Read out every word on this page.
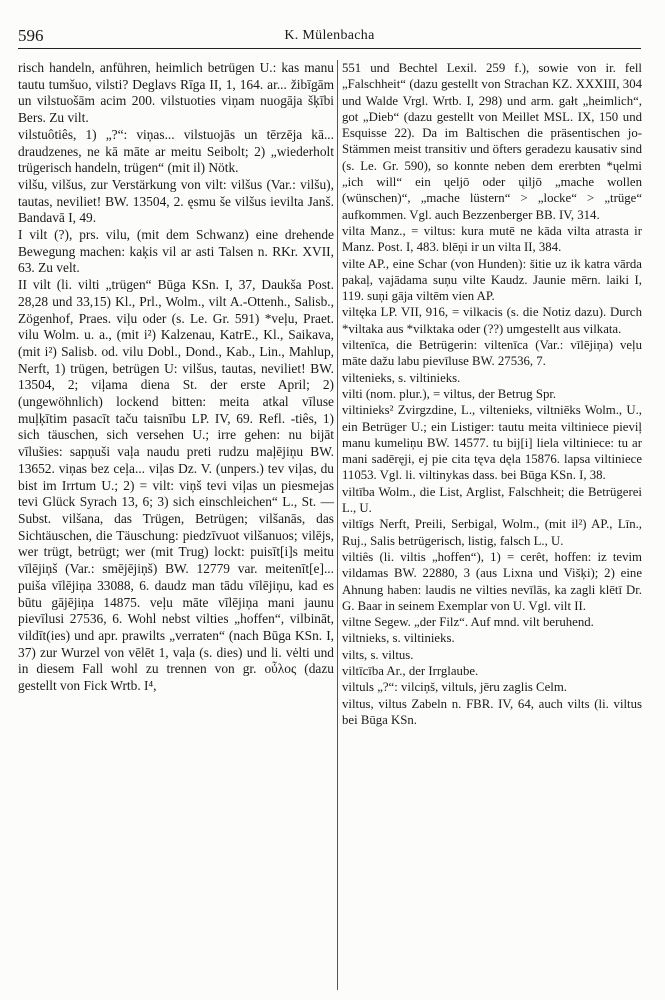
596	K. Mülenbacha

risch handeln, anführen, heimlich betrügen U.: kas manu tautu tumšuo, vilsti? Deglavs Rīga II, 1, 164. ar... žibīgām un vilstuošām acim 200. vilstuoties viņam nuogāja šķībi Bers. Zu vilt.

vilstuôtiês, 1) „?“: viņas... vilstuojās un tērzēja kā... draudzenes, ne kā māte ar meitu Seibolt; 2) „wiederholt trügerisch handeln, trügen“ (mit il) Nötk.

vilšu, vilšus, zur Verstärkung von vilt: vilšus (Var.: vilšu), tautas, neviliet! BW. 13504, 2. ęsmu še vilšus ievilta Janš. Bandavā I, 49.

I vilt (?), prs. vilu, (mit dem Schwanz) eine drehende Bewegung machen: kaķis vil ar asti Talsen n. RKr. XVII, 63. Zu velt.

II vilt (li. vilti „trügen“ Būga KSn. I, 37, Daukša Post. 28,28 und 33,15) Kl., Prl., Wolm., vilt A.-Ottenh., Salisb., Zögenhof, Praes. viļu oder (s. Le. Gr. 591) *veļu, Praet. vilu Wolm. u. a., (mit i²) Kalzenau, KatrE., Kl., Saikava, (mit i²) Salisb. od. vilu Dobl., Dond., Kab., Lin., Mahlup, Nerft, 1) trügen, betrügen U: vilšus, tautas, neviliet! BW. 13504, 2; viļama diena St. der erste April; 2) (ungewöhnlich) lockend bitten: meita atkal vīluse muļķītim pasacīt taču taisnību LP. IV, 69. Refl. -tiês, 1) sich täuschen, sich versehen U.; irre gehen: nu bijāt vīlušies: sapņuši vaļa naudu preti rudzu maļējiņu BW. 13652. viņas bez ceļa... viļas Dz. V. (unpers.) tev viļas, du bist im Irrtum U.; 2) = vilt: viņš tevi viļas un piesmejas tevi Glück Syrach 13, 6; 3) sich einschleichen“ L., St. — Subst. vilšana, das Trügen, Betrügen; vilšanās, das Sichtäuschen, die Täuschung: piedzīvuot vilšanuos; vilējs, wer trügt, betrügt; wer (mit Trug) lockt: puisīt[i]s meitu vīlējiņš (Var.: smējējiņš) BW. 12779 var. meitenīt[e]... puiša vīlējiņa 33088, 6. daudz man tādu vīlējiņu, kad es būtu gājējiņa 14875. veļu māte vīlējiņa mani jaunu pievīlusi 27536, 6. Wohl nebst vilties „hoffen“, vilbināt, vildīt(ies) und apr. prawilts „verraten“ (nach Būga KSn. I, 37) zur Wurzel von vēlēt 1, vaļa (s. dies) und li. vėlti und in diesem Fall wohl zu trennen von gr. οὖλος (dazu gestellt von Fick Wrtb. I⁴,

551 und Bechtel Lexil. 259 f.), sowie von ir. fell „Falschheit“ (dazu gestellt von Strachan KZ. XXXIII, 304 und Walde Vrgl. Wrtb. I, 298) und arm. gałt „heimlich“, got „Dieb“ (dazu gestellt von Meillet MSL. IX, 150 und Esquisse 22). Da im Baltischen die präsentischen jo- Stämmen meist transitiv und öfters geradezu kausativ sind (s. Le. Gr. 590), so konnte neben dem ererbten *ųelmi „ich will“ ein ųeljō oder ųiljō „mache wollen (wünschen)“, „mache lüstern“ > „locke“ > „trüge“ aufkommen. Vgl. auch Bezzenberger BB. IV, 314.

vilta Manz., = viltus: kura mutē ne kāda vilta atrasta ir Manz. Post. I, 483. blēņi ir un vilta II, 384.

vilte AP., eine Schar (von Hunden): šitie uz ik katra vārda pakaļ, vajādama suņu vilte Kaudz. Jaunie mērn. laiki I, 119. suņi gāja viltēm vien AP.

viltęka LP. VII, 916, = vilkacis (s. die Notiz dazu). Durch *viltaka aus *vilktaka oder (??) umgestellt aus vilkata.

viltenīca, die Betrügerin: viltenīca (Var.: vīlējiņa) veļu māte dažu labu pievīluse BW. 27536, 7.

viltenieks, s. viltinieks.

vilti (nom. plur.), = viltus, der Betrug Spr.

viltinieks² Zvirgzdine, L., viltenieks, viltniēks Wolm., U., ein Betrüger U.; ein Listiger: tautu meita viltiniece pieviļ manu kumeliņu BW. 14577. tu bij[i] liela viltiniece: tu ar mani sadēręji, ej pie cita tęva dęla 15876. lapsa viltiniece 11053. Vgl. li. viltinykas dass. bei Būga KSn. I, 38.

viltība Wolm., die List, Arglist, Falschheit; die Betrügerei L., U.

viltīgs Nerft, Preili, Serbigal, Wolm., (mit il²) AP., Līn., Ruj., Salis betrügerisch, listig, falsch L., U.

viltiês (li. viltis „hoffen“), 1) = cerêt, hoffen: iz tevim vildamas BW. 22880, 3 (aus Lixna und Višķi); 2) eine Ahnung haben: laudis ne vilties nevīlās, ka zagli klētī Dr. G. Baar in seinem Exemplar von U. Vgl. vilt II.

viltne Segew. „der Filz“. Auf mnd. vilt beruhend.

viltnieks, s. viltinieks.

vilts, s. viltus.

viltīcība Ar., der Irrglaube.

viltuls „?“: vilciņš, viltuls, jēru zaglis Celm.

viltus, viltus Zabeln n. FBR. IV, 64, auch vilts (li. viltus bei Būga KSn.
